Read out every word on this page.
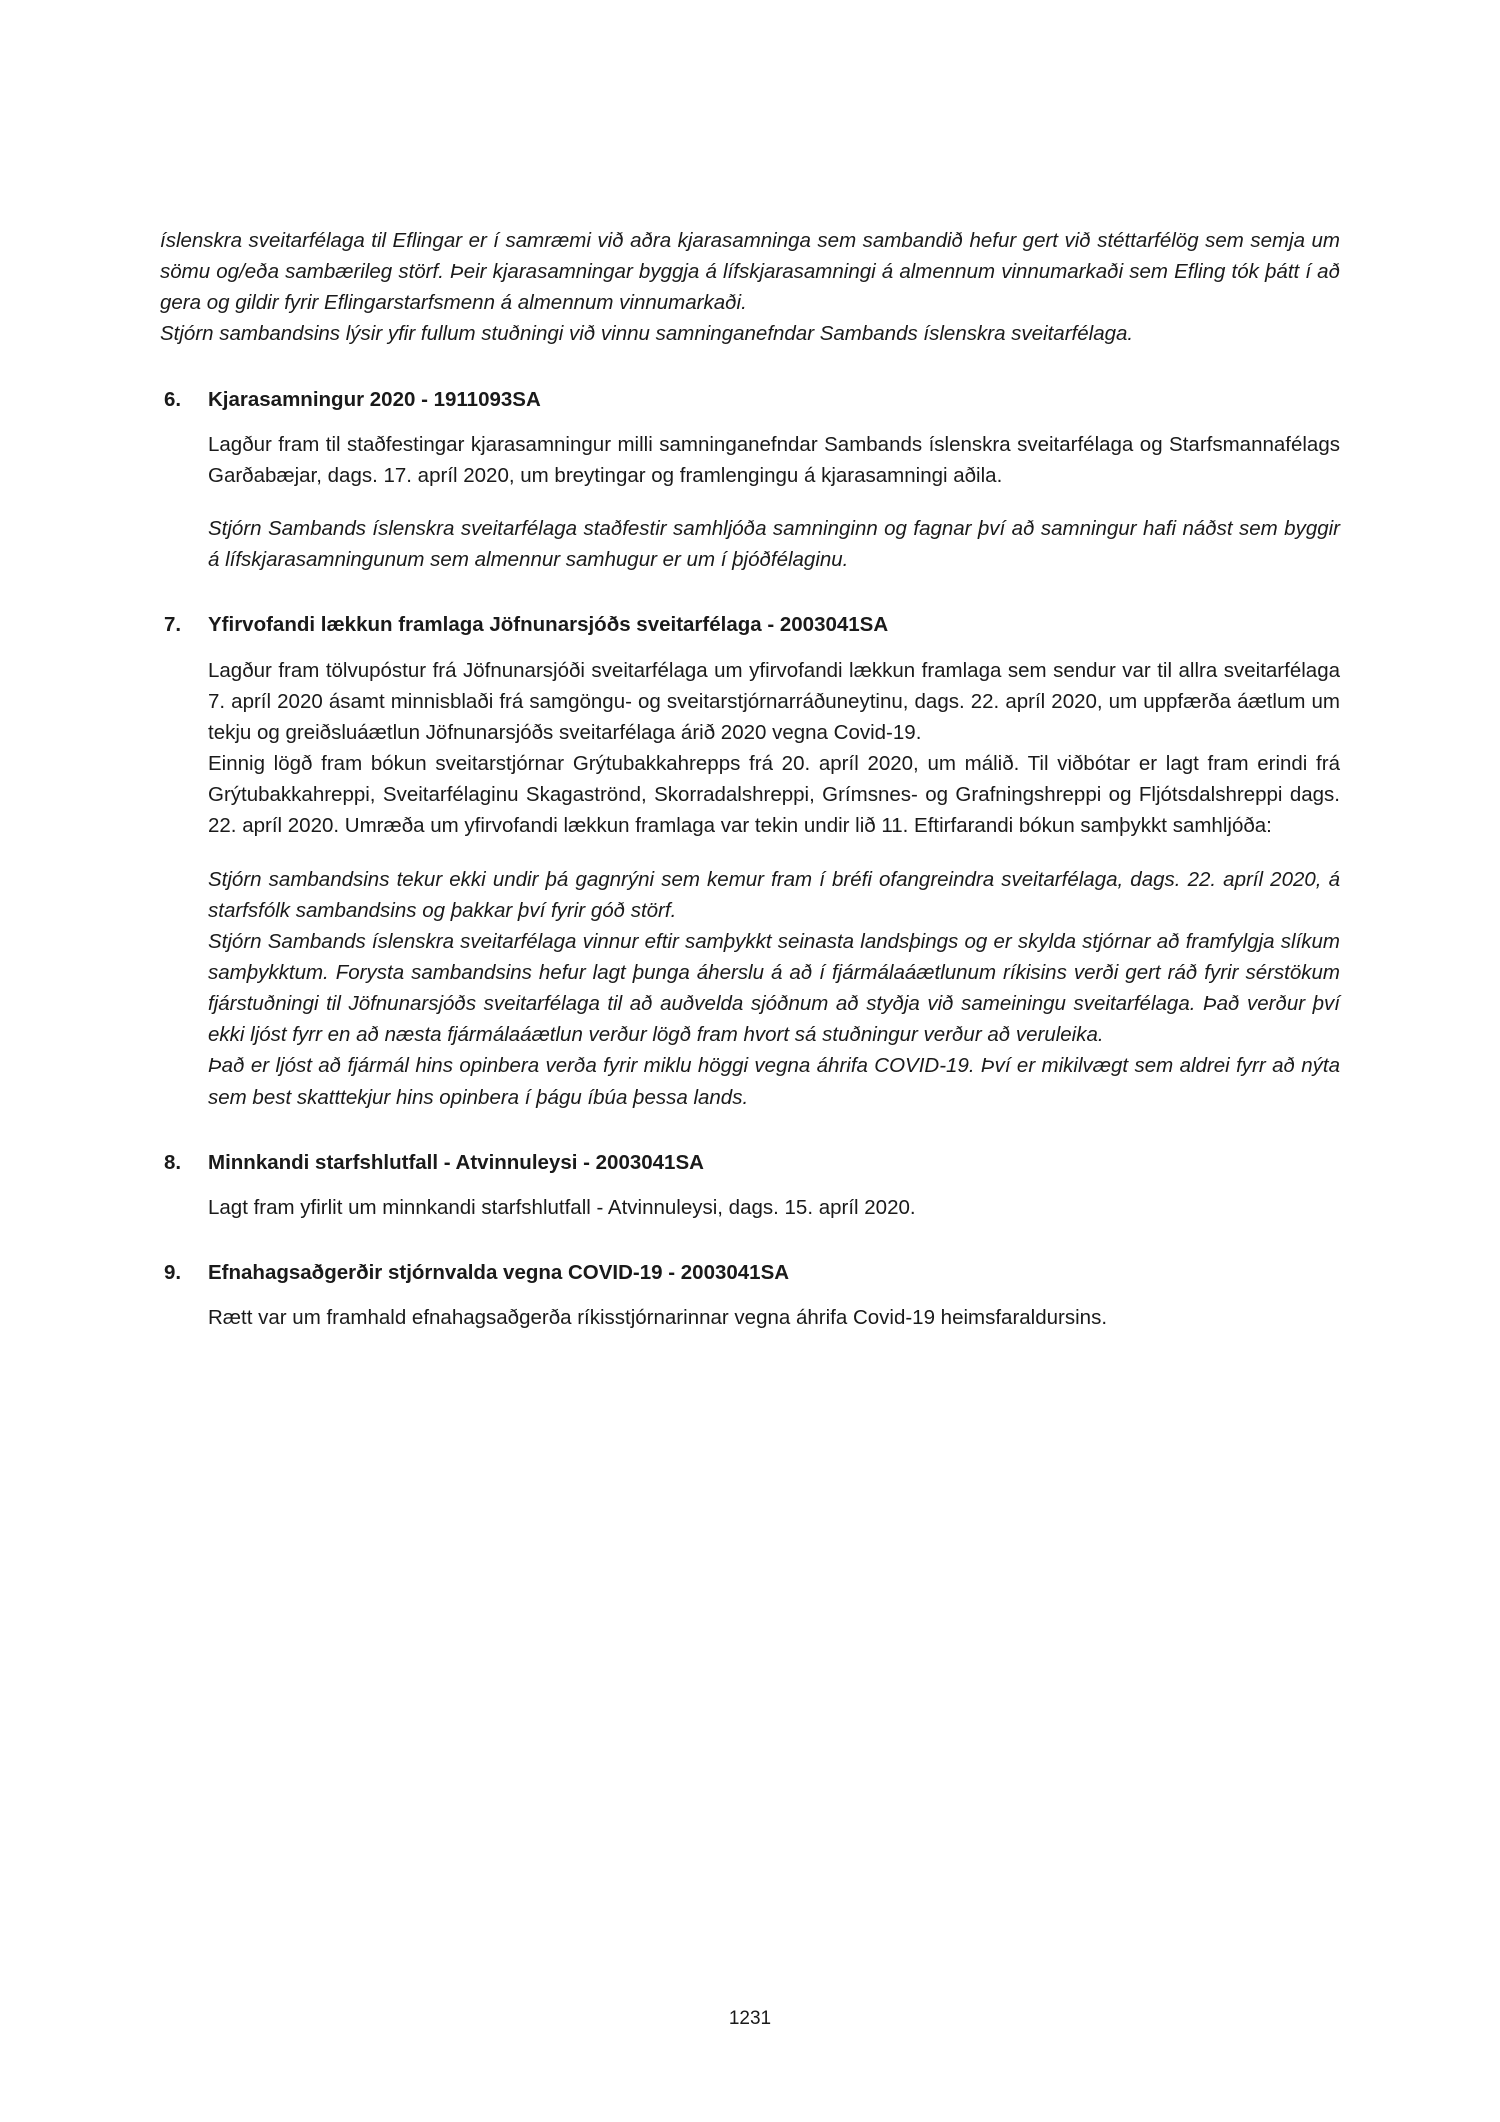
íslenskra sveitarfélaga til Eflingar er í samræmi við aðra kjarasamninga sem sambandið hefur gert við stéttarfélög sem semja um sömu og/eða sambærileg störf. Þeir kjarasamningar byggja á lífskjarasamningi á almennum vinnumarkaði sem Efling tók þátt í að gera og gildir fyrir Eflingarstarfsmenn á almennum vinnumarkaði.

Stjórn sambandsins lýsir yfir fullum stuðningi við vinnu samninganefndar Sambands íslenskra sveitarfélaga.

6.	Kjarasamningur 2020 - 1911093SA

Lagður fram til staðfestingar kjarasamningur milli samninganefndar Sambands íslenskra sveitarfélaga og Starfsmannafélags Garðabæjar, dags. 17. apríl 2020, um breytingar og framlengingu á kjarasamningi aðila.

Stjórn Sambands íslenskra sveitarfélaga staðfestir samhljóða samninginn og fagnar því að samningur hafi náðst sem byggir á lífskjarasamningunum sem almennur samhugur er um í þjóðfélaginu.

7.	Yfirvofandi lækkun framlaga Jöfnunarsjóðs sveitarfélaga - 2003041SA

Lagður fram tölvupóstur frá Jöfnunarsjóði sveitarfélaga um yfirvofandi lækkun framlaga sem sendur var til allra sveitarfélaga 7. apríl 2020 ásamt minnisblaði frá samgöngu- og sveitarstjórnarráðuneytinu, dags. 22. apríl 2020, um uppfærða áætlum um tekju og greiðsluáætlun Jöfnunarsjóðs sveitarfélaga árið 2020 vegna Covid-19.

Einnig lögð fram bókun sveitarstjórnar Grýtubakkahrepps frá 20. apríl 2020, um málið. Til viðbótar er lagt fram erindi frá Grýtubakkahreppi, Sveitarfélaginu Skagaströnd, Skorradalshreppi, Grímsnes- og Grafningshreppi og Fljótsdalshreppi dags. 22. apríl 2020. Umræða um yfirvofandi lækkun framlaga var tekin undir lið 11. Eftirfarandi bókun samþykkt samhljóða:

Stjórn sambandsins tekur ekki undir þá gagnrýni sem kemur fram í bréfi ofangreindra sveitarfélaga, dags. 22. apríl 2020, á starfsfólk sambandsins og þakkar því fyrir góð störf.

Stjórn Sambands íslenskra sveitarfélaga vinnur eftir samþykkt seinasta landsþings og er skylda stjórnar að framfylgja slíkum samþykktum. Forysta sambandsins hefur lagt þunga áherslu á að í fjármálaáætlunum ríkisins verði gert ráð fyrir sérstökum fjárstuðningi til Jöfnunarsjóðs sveitarfélaga til að auðvelda sjóðnum að styðja við sameiningu sveitarfélaga. Það verður því ekki ljóst fyrr en að næsta fjármálaáætlun verður lögð fram hvort sá stuðningur verður að veruleika.

Það er ljóst að fjármál hins opinbera verða fyrir miklu höggi vegna áhrifa COVID-19. Því er mikilvægt sem aldrei fyrr að nýta sem best skatttekjur hins opinbera í þágu íbúa þessa lands.

8.	Minnkandi starfshlutfall - Atvinnuleysi - 2003041SA

Lagt fram yfirlit um minnkandi starfshlutfall - Atvinnuleysi, dags. 15. apríl 2020.

9.	Efnahagsaðgerðir stjórnvalda vegna COVID-19 - 2003041SA

Rætt var um framhald efnahagsaðgerða ríkisstjórnarinnar vegna áhrifa Covid-19 heimsfaraldursins.

1231
